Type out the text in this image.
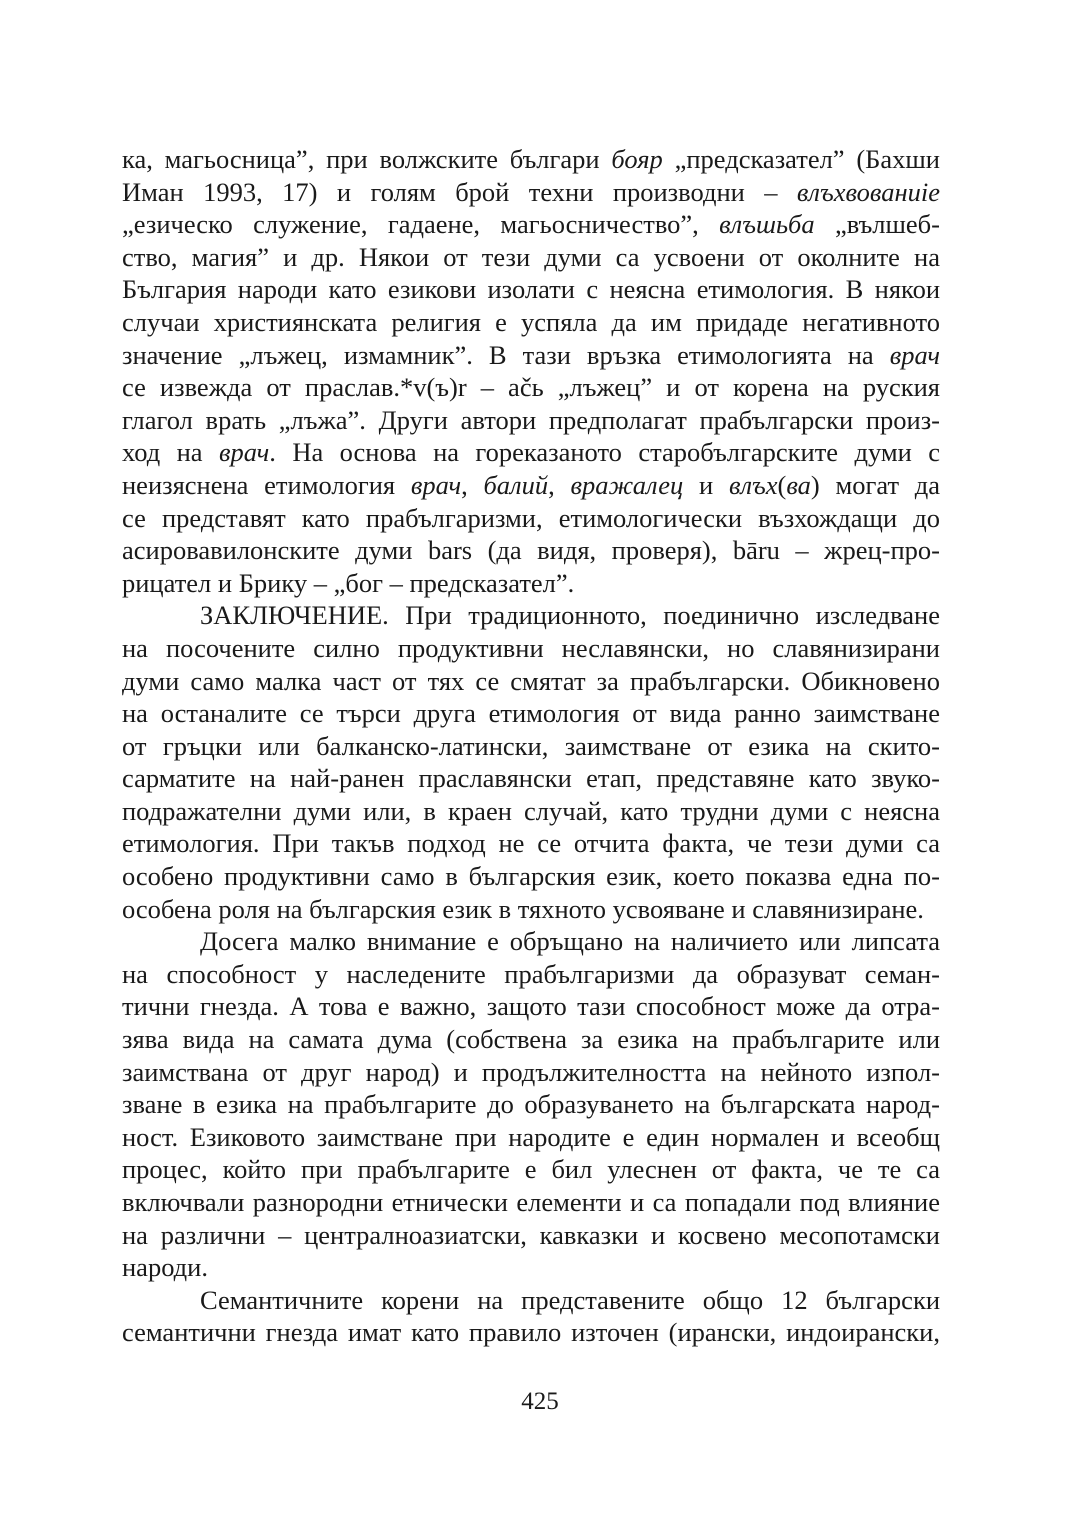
ка, магьосница”, при волжските българи бояр „предсказател” (Бахши
Иман 1993, 17) и голям брой техни производни – влъхвованиie
„езическо служение, гадаене, магьосничество”, влъшьба „вълшеб-
ство, магия” и др. Някои от тези думи са усвоени от околните на
България народи като езикови изолати с неясна етимология. В някои
случаи християнската религия е успяла да им придаде негативното
значение „лъжец, измамник”. В тази връзка етимологията на врач
се извежда от праслав.*v(ъ)r – ačь „лъжец” и от корена на руския
глагол врать „лъжа”. Други автори предполагат прабългарски произ-
ход на врач. На основа на гореказаното старобългарските думи с
неизяснена етимология врач, балий, вражалец и влъх(ва) могат да
се представят като прабългаризми, етимологически възхождащи до
асировавилонските думи bars (да видя, проверя), bāru – жрец-про-
рицател и Брику – „бог – предсказател”.
ЗАКЛЮЧЕНИЕ. При традиционното, поединично изследване
на посочените силно продуктивни неславянски, но славянизирани
думи само малка част от тях се смятат за прабългарски. Обикновено
на останалите се търси друга етимология от вида ранно заимстване
от гръцки или балканско-латински, заимстване от езика на скито-
сарматите на най-ранен праславянски етап, представяне като звуко-
подражателни думи или, в краен случай, като трудни думи с неясна
етимология. При такъв подход не се отчита факта, че тези думи са
особено продуктивни само в българския език, което показва една по-
особена роля на българския език в тяхното усвояване и славянизиране.
Досега малко внимание е обръщано на наличието или липсата
на способност у наследените прабългаризми да образуват семан-
тични гнезда. А това е важно, защото тази способност може да отра-
зява вида на самата дума (собствена за езика на прабългарите или
заимствана от друг народ) и продължителността на нейното изпол-
зване в езика на прабългарите до образуването на българската народ-
ност. Езиковото заимстване при народите е един нормален и всеобщ
процес, който при прабългарите е бил улеснен от факта, че те са
включвали разнородни етнически елементи и са попадали под влияние
на различни – централноазиатски, кавказки и косвено месопотамски
народи.
Семантичните корени на представените общо 12 български
семантични гнезда имат като правило източен (ирански, индоирански,
425
